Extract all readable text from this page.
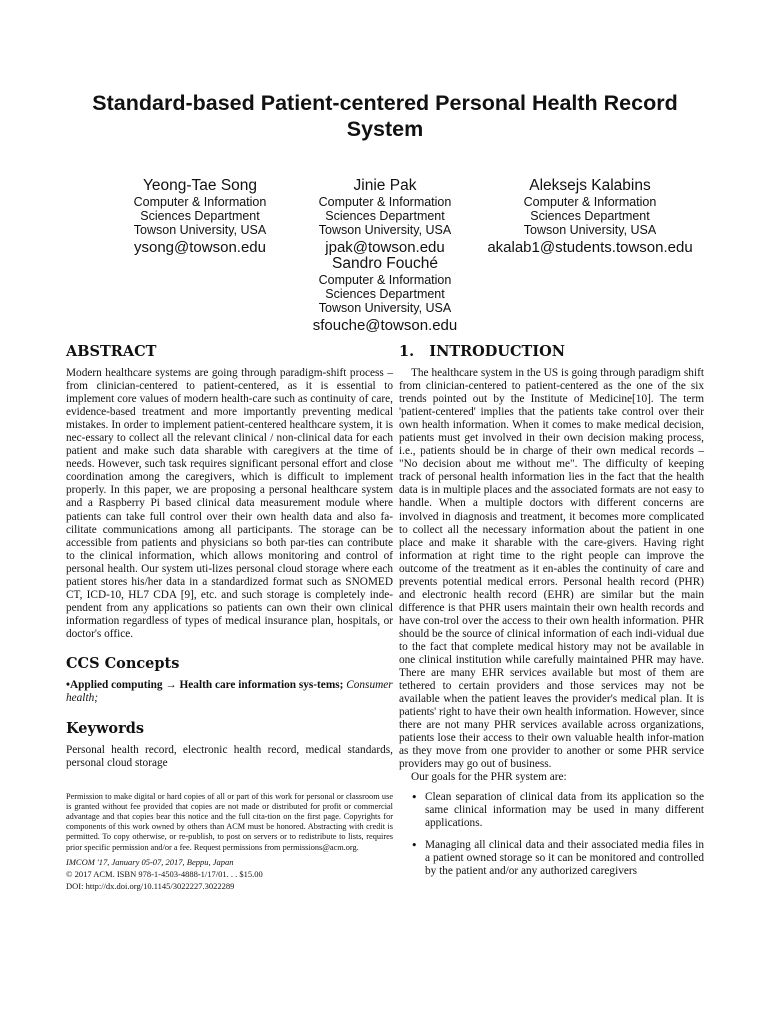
Standard-based Patient-centered Personal Health Record System
Yeong-Tae Song
Computer & Information
Sciences Department
Towson University, USA
ysong@towson.edu
Jinie Pak
Computer & Information
Sciences Department
Towson University, USA
jpak@towson.edu
Aleksejs Kalabins
Computer & Information
Sciences Department
Towson University, USA
akalab1@students.towson.edu
Sandro Fouché
Computer & Information
Sciences Department
Towson University, USA
sfouche@towson.edu
ABSTRACT

Modern healthcare systems are going through paradigm-shift process – from clinician-centered to patient-centered, as it is essential to implement core values of modern health-care such as continuity of care, evidence-based treatment and more importantly preventing medical mistakes. In order to implement patient-centered healthcare system, it is nec-essary to collect all the relevant clinical / non-clinical data for each patient and make such data sharable with caregivers at the time of needs. However, such task requires significant personal effort and close coordination among the caregivers, which is difficult to implement properly. In this paper, we are proposing a personal healthcare system and a Raspberry Pi based clinical data measurement module where patients can take full control over their own health data and also fa-cilitate communications among all participants. The storage can be accessible from patients and physicians so both par-ties can contribute to the clinical information, which allows monitoring and control of personal health. Our system uti-lizes personal cloud storage where each patient stores his/her data in a standardized format such as SNOMED CT, ICD-10, HL7 CDA [9], etc. and such storage is completely inde-pendent from any applications so patients can own their own clinical information regardless of types of medical insurance plan, hospitals, or doctor's office.

CCS Concepts

•Applied computing → Health care information sys-tems; Consumer health;

Keywords

Personal health record, electronic health record, medical standards, personal cloud storage

Permission to make digital or hard copies of all or part of this work for personal or classroom use is granted without fee provided that copies are not made or distributed for profit or commercial advantage and that copies bear this notice and the full cita-tion on the first page. Copyrights for components of this work owned by others than ACM must be honored. Abstracting with credit is permitted. To copy otherwise, or re-publish, to post on servers or to redistribute to lists, requires prior specific permission and/or a fee. Request permissions from permissions@acm.org.

IMCOM '17, January 05-07, 2017, Beppu, Japan

© 2017 ACM. ISBN 978-1-4503-4888-1/17/01. . . $15.00

DOI: http://dx.doi.org/10.1145/3022227.3022289

1.   INTRODUCTION

The healthcare system in the US is going through paradigm shift from clinician-centered to patient-centered as the one of the six trends pointed out by the Institute of Medicine[10]. The term 'patient-centered' implies that the patients take control over their own health information. When it comes to make medical decision, patients must get involved in their own decision making process, i.e., patients should be in charge of their own medical records – "No decision about me without me". The difficulty of keeping track of personal health information lies in the fact that the health data is in multiple places and the associated formats are not easy to handle. When a multiple doctors with different concerns are involved in diagnosis and treatment, it becomes more complicated to collect all the necessary information about the patient in one place and make it sharable with the care-givers. Having right information at right time to the right people can improve the outcome of the treatment as it en-ables the continuity of care and prevents potential medical errors. Personal health record (PHR) and electronic health record (EHR) are similar but the main difference is that PHR users maintain their own health records and have con-trol over the access to their own health information. PHR should be the source of clinical information of each indi-vidual due to the fact that complete medical history may not be available in one clinical institution while carefully maintained PHR may have. There are many EHR services available but most of them are tethered to certain providers and those services may not be available when the patient leaves the provider's medical plan. It is patients' right to have their own health information. However, since there are not many PHR services available across organizations, patients lose their access to their own valuable health infor-mation as they move from one provider to another or some PHR service providers may go out of business.

Our goals for the PHR system are:

• Clean separation of clinical data from its application so the same clinical information may be used in many different applications.

• Managing all clinical data and their associated media files in a patient owned storage so it can be monitored and controlled by the patient and/or any authorized caregivers
